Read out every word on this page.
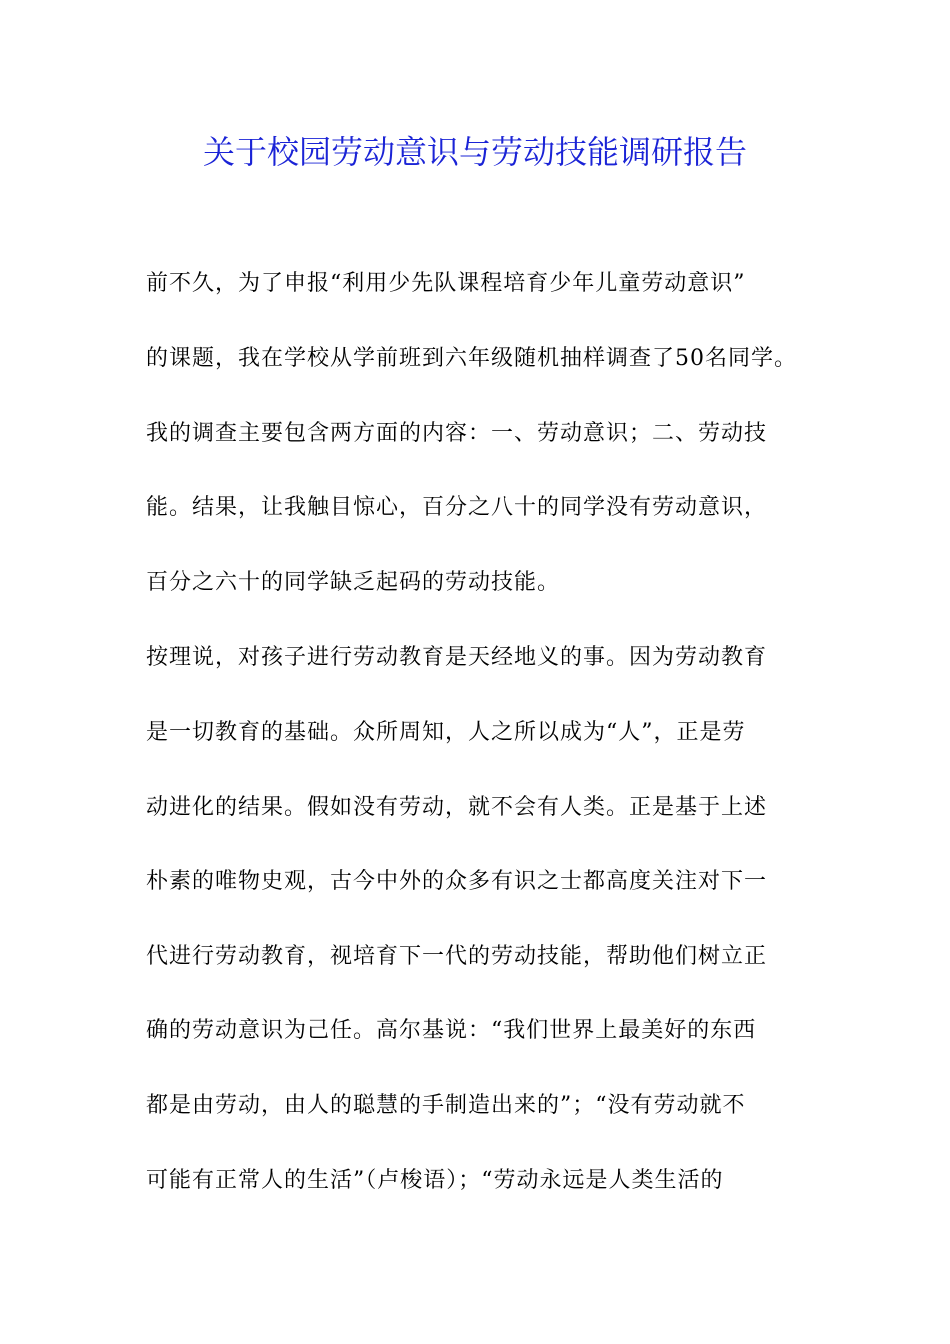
关于校园劳动意识与劳动技能调研报告

前不久，为了申报“利用少先队课程培育少年儿童劳动意识”

的课题，我在学校从学前班到六年级随机抽样调查了50名同学。

我的调查主要包含两方面的内容：一、劳动意识；二、劳动技

能。结果，让我触目惊心，百分之八十的同学没有劳动意识，

百分之六十的同学缺乏起码的劳动技能。

按理说，对孩子进行劳动教育是天经地义的事。因为劳动教育

是一切教育的基础。众所周知，人之所以成为“人”，正是劳

动进化的结果。假如没有劳动，就不会有人类。正是基于上述

朴素的唯物史观，古今中外的众多有识之士都高度关注对下一

代进行劳动教育，视培育下一代的劳动技能，帮助他们树立正

确的劳动意识为己任。高尔基说：“我们世界上最美好的东西

都是由劳动，由人的聪慧的手制造出来的”；“没有劳动就不

可能有正常人的生活”（卢梭语）；“劳动永远是人类生活的
